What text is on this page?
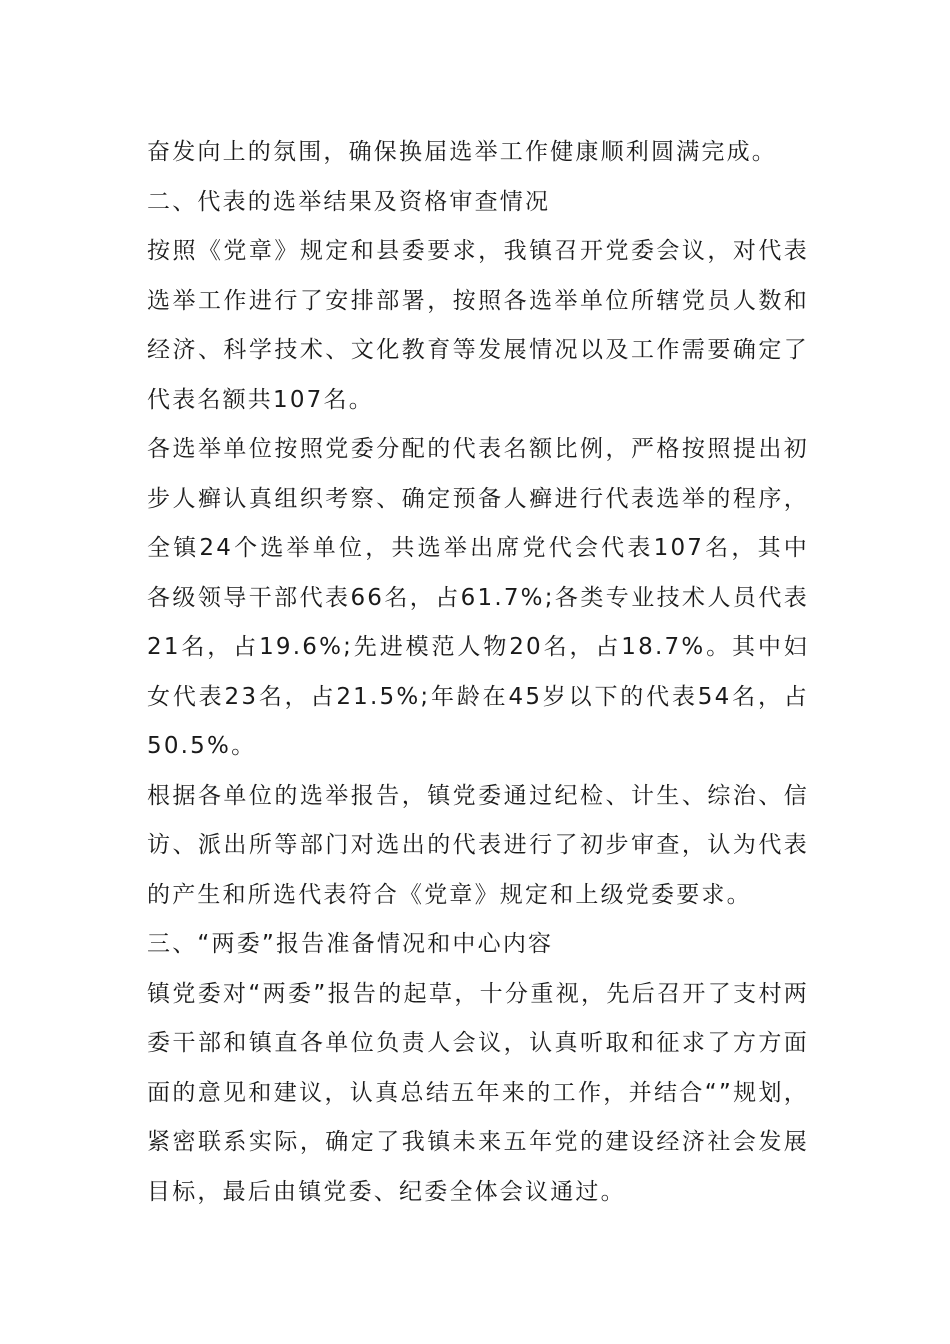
奋发向上的氛围，确保换届选举工作健康顺利圆满完成。

二、代表的选举结果及资格审查情况

按照《党章》规定和县委要求，我镇召开党委会议，对代表选举工作进行了安排部署，按照各选举单位所辖党员人数和经济、科学技术、文化教育等发展情况以及工作需要确定了代表名额共107名。

各选举单位按照党委分配的代表名额比例，严格按照提出初步人癣认真组织考察、确定预备人癣进行代表选举的程序，全镇24个选举单位，共选举出席党代会代表107名，其中各级领导干部代表66名，占61.7%;各类专业技术人员代表21名，占19.6%;先进模范人物20名，占18.7%。其中妇女代表23名，占21.5%;年龄在45岁以下的代表54名，占50.5%。

根据各单位的选举报告，镇党委通过纪检、计生、综治、信访、派出所等部门对选出的代表进行了初步审查，认为代表的产生和所选代表符合《党章》规定和上级党委要求。

三、“两委”报告准备情况和中心内容

镇党委对“两委”报告的起草，十分重视，先后召开了支村两委干部和镇直各单位负责人会议，认真听取和征求了方方面面的意见和建议，认真总结五年来的工作，并结合“”规划，紧密联系实际，确定了我镇未来五年党的建设经济社会发展目标，最后由镇党委、纪委全体会议通过。
